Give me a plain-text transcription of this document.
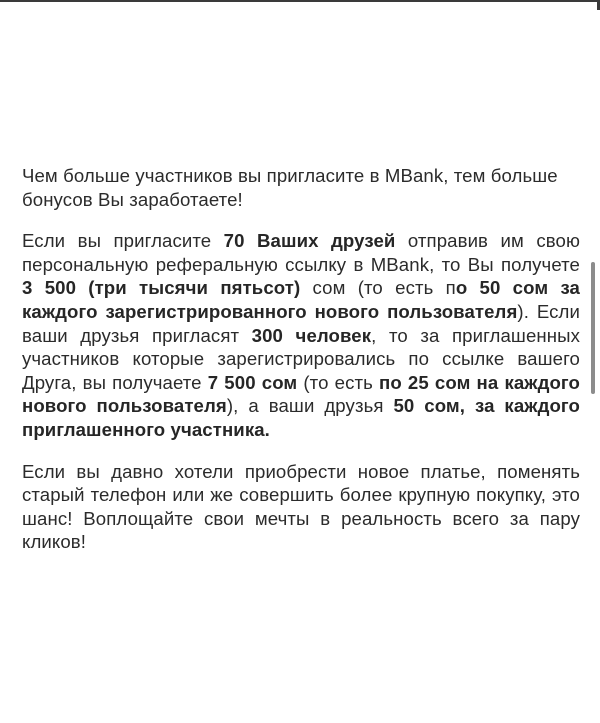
Чем больше участников вы пригласите в MBank, тем больше бонусов Вы заработаете!

Если вы пригласите 70 Ваших друзей отправив им свою персональную реферальную ссылку в MBank, то Вы получете 3 500 (три тысячи пятьсот) сом (то есть по 50 сом за каждого зарегистрированного нового пользователя). Если ваши друзья пригласят 300 человек, то за приглашенных участников которые зарегистрировались по ссылке вашего Друга, вы получаете 7 500 сом (то есть по 25 сом на каждого нового пользователя), а ваши друзья 50 сом, за каждого приглашенного участника.

Если вы давно хотели приобрести новое платье, поменять старый телефон или же совершить более крупную покупку, это шанс! Воплощайте свои мечты в реальность всего за пару кликов!
